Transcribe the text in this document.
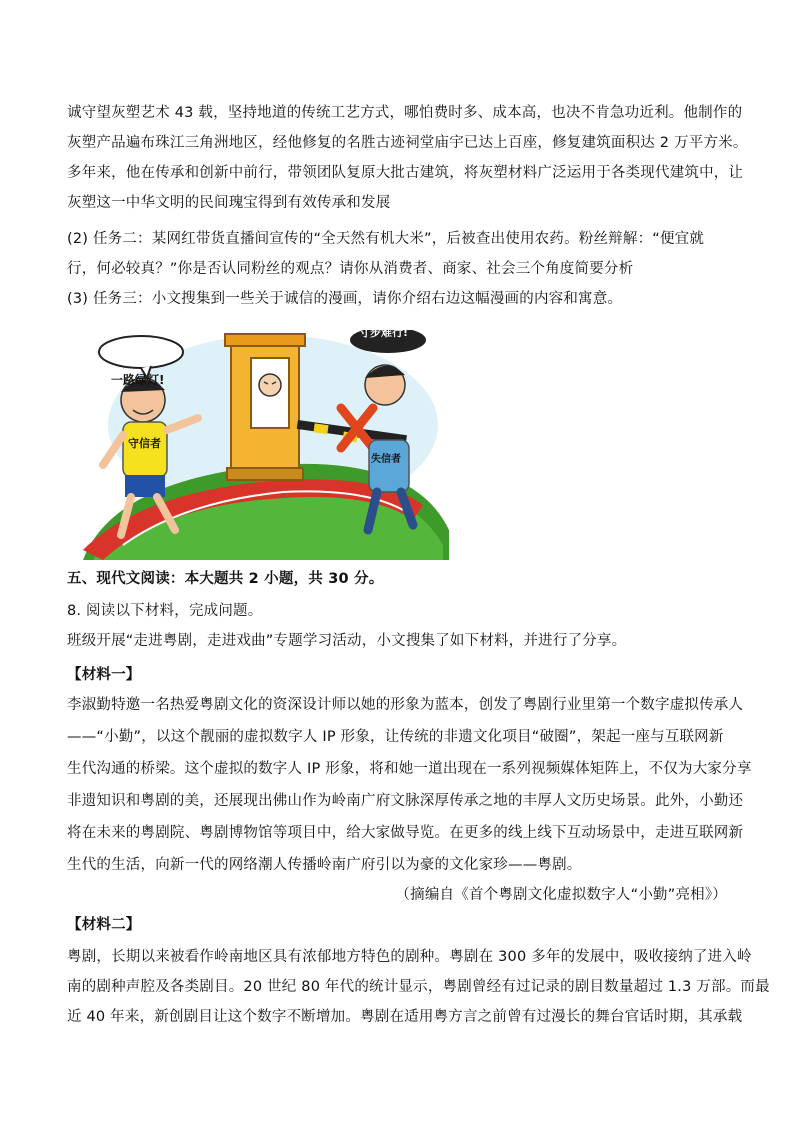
诚守望灰塑艺术 43 载，坚持地道的传统工艺方式，哪怕费时多、成本高，也决不肯急功近利。他制作的

灰塑产品遍布珠江三角洲地区，经他修复的名胜古迹祠堂庙宇已达上百座，修复建筑面积达 2 万平方米。

多年来，他在传承和创新中前行，带领团队复原大批古建筑，将灰塑材料广泛运用于各类现代建筑中，让

灰塑这一中华文明的民间瑰宝得到有效传承和发展

(2) 任务二：某网红带货直播间宣传的“全天然有机大米”，后被查出使用农药。粉丝辩解：“便宜就

行，何必较真？”你是否认同粉丝的观点？请你从消费者、商家、社会三个角度简要分析

(3) 任务三：小文搜集到一些关于诚信的漫画，请你介绍右边这幅漫画的内容和寓意。

一路绿灯!
寸步难行!
守信者
失信者

五、现代文阅读：本大题共 2 小题，共 30 分。

8. 阅读以下材料，完成问题。

班级开展“走进粤剧，走进戏曲”专题学习活动，小文搜集了如下材料，并进行了分享。

【材料一】

李淑勤特邀一名热爱粤剧文化的资深设计师以她的形象为蓝本，创发了粤剧行业里第一个数字虚拟传承人

——“小勤”，以这个靓丽的虚拟数字人 IP 形象，让传统的非遗文化项目“破圈”，架起一座与互联网新

生代沟通的桥梁。这个虚拟的数字人 IP 形象，将和她一道出现在一系列视频媒体矩阵上，不仅为大家分享

非遗知识和粤剧的美，还展现出佛山作为岭南广府文脉深厚传承之地的丰厚人文历史场景。此外，小勤还

将在未来的粤剧院、粤剧博物馆等项目中，给大家做导览。在更多的线上线下互动场景中，走进互联网新

生代的生活，向新一代的网络潮人传播岭南广府引以为豪的文化家珍——粤剧。

（摘编自《首个粤剧文化虚拟数字人“小勤”亮相》）

【材料二】

粤剧，长期以来被看作岭南地区具有浓郁地方特色的剧种。粤剧在 300 多年的发展中，吸收接纳了进入岭

南的剧种声腔及各类剧目。20 世纪 80 年代的统计显示，粤剧曾经有过记录的剧目数量超过 1.3 万部。而最

近 40 年来，新创剧目让这个数字不断增加。粤剧在适用粤方言之前曾有过漫长的舞台官话时期，其承载
